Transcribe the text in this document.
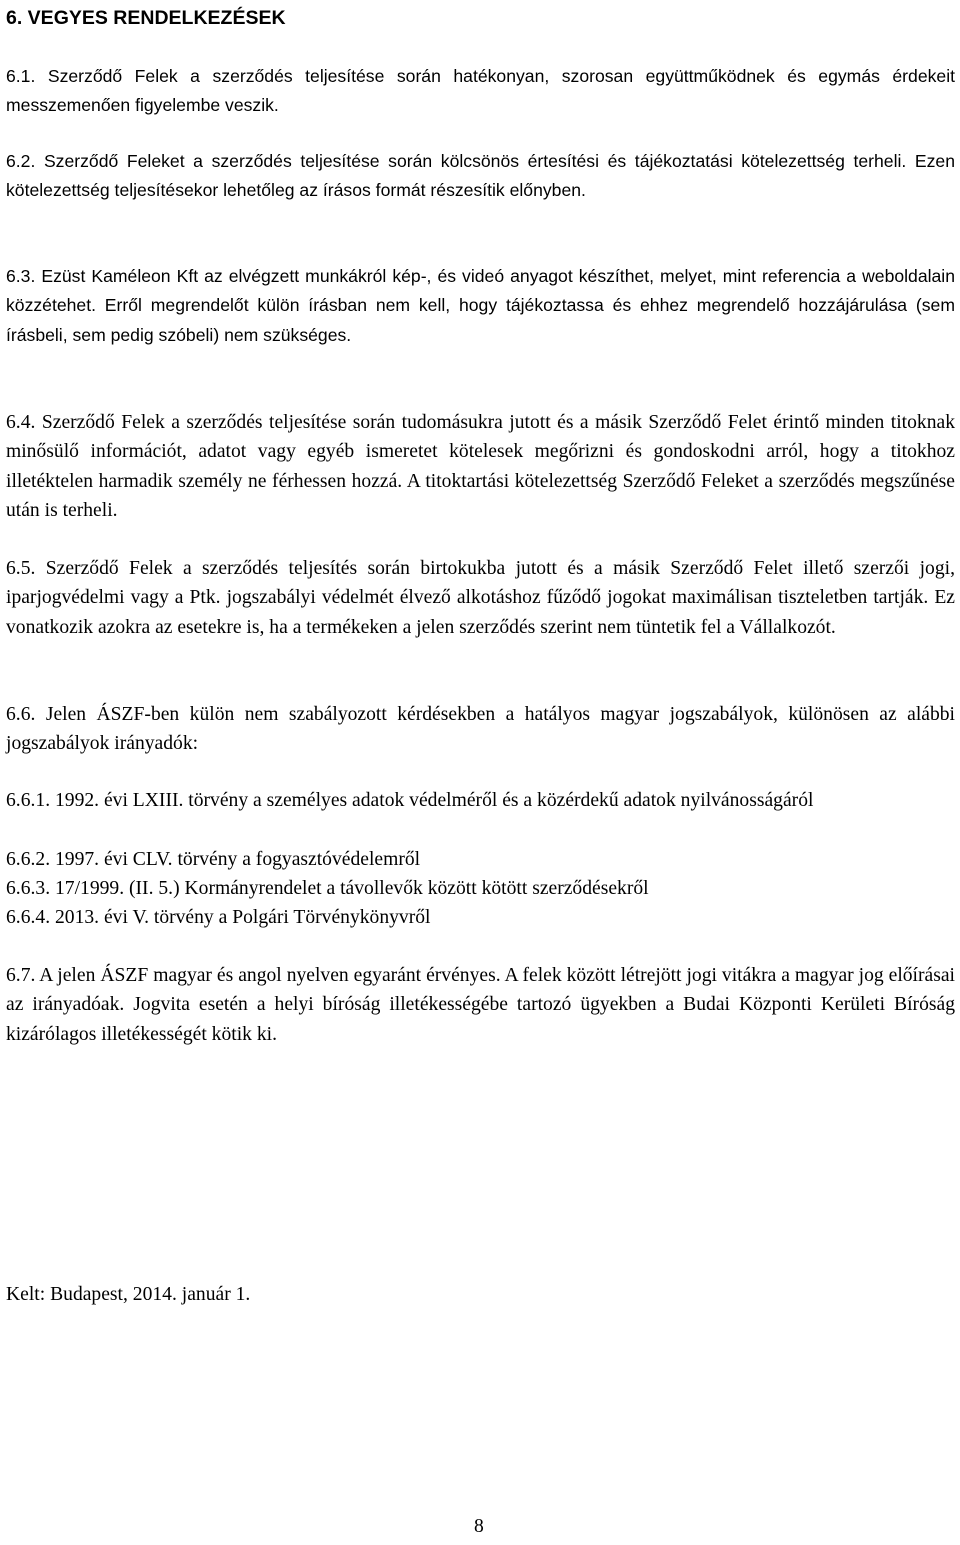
6. VEGYES RENDELKEZÉSEK

6.1. Szerződő Felek a szerződés teljesítése során hatékonyan, szorosan együttműködnek és egymás érdekeit messzemenően figyelembe veszik.

6.2. Szerződő Feleket a szerződés teljesítése során kölcsönös értesítési és tájékoztatási kötelezettség terheli. Ezen kötelezettség teljesítésekor lehetőleg az írásos formát részesítik előnyben.

6.3. Ezüst Kaméleon Kft az elvégzett munkákról kép-, és videó anyagot készíthet, melyet, mint referencia a weboldalain közzétehet. Erről megrendelőt külön írásban nem kell, hogy tájékoztassa és ehhez megrendelő hozzájárulása (sem írásbeli, sem pedig szóbeli) nem szükséges.

6.4. Szerződő Felek a szerződés teljesítése során tudomásukra jutott és a másik Szerződő Felet érintő minden titoknak minősülő információt, adatot vagy egyéb ismeretet kötelesek megőrizni és gondoskodni arról, hogy a titokhoz illetéktelen harmadik személy ne férhessen hozzá. A titoktartási kötelezettség Szerződő Feleket a szerződés megszűnése után is terheli.

6.5. Szerződő Felek a szerződés teljesítés során birtokukba jutott és a másik Szerződő Felet illető szerzői jogi, iparjogvédelmi vagy a Ptk. jogszabályi védelmét élvező alkotáshoz fűződő jogokat maximálisan tiszteletben tartják. Ez vonatkozik azokra az esetekre is, ha a termékeken a jelen szerződés szerint nem tüntetik fel a Vállalkozót.

6.6. Jelen ÁSZF-ben külön nem szabályozott kérdésekben a hatályos magyar jogszabályok, különösen az alábbi jogszabályok irányadók:

6.6.1. 1992. évi LXIII. törvény a személyes adatok védelméről és a közérdekű adatok nyilvánosságáról

6.6.2. 1997. évi CLV. törvény a fogyasztóvédelemről
6.6.3. 17/1999. (II. 5.) Kormányrendelet a távollevők között kötött szerződésekről
6.6.4. 2013. évi V. törvény a Polgári Törvénykönyvről

6.7. A jelen ÁSZF magyar és angol nyelven egyaránt érvényes. A felek között létrejött jogi vitákra a magyar jog előírásai az irányadóak. Jogvita esetén a helyi bíróság illetékességébe tartozó ügyekben a Budai Központi Kerületi Bíróság kizárólagos illetékességét kötik ki.

Kelt: Budapest, 2014. január 1.
8
